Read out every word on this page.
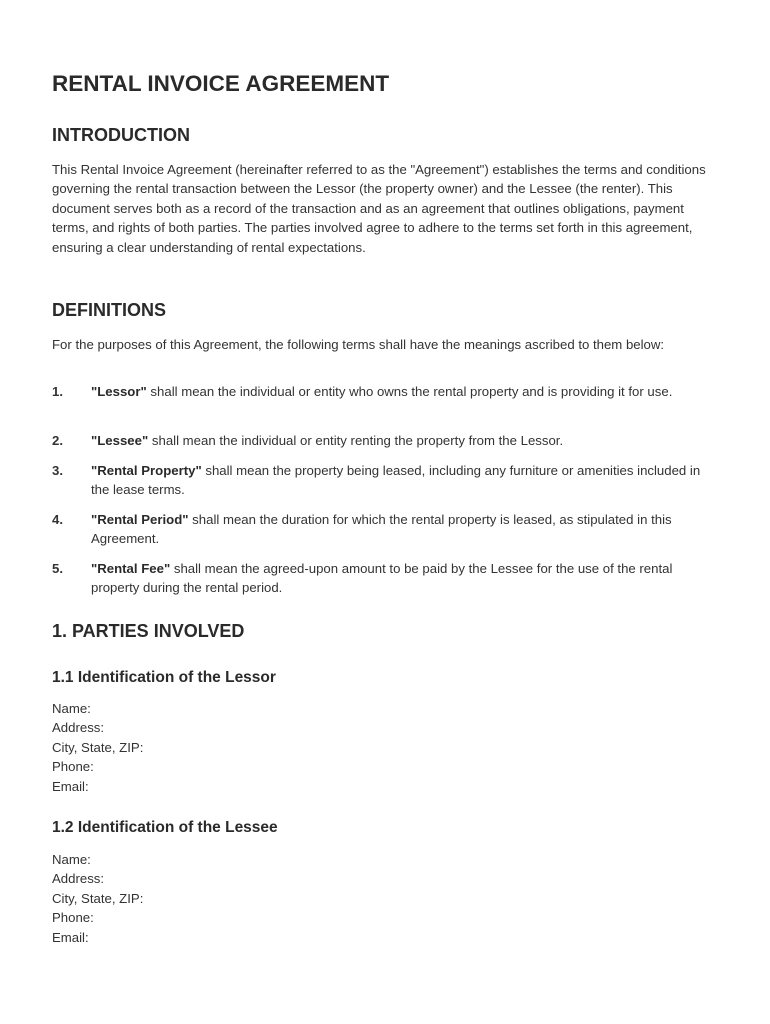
RENTAL INVOICE AGREEMENT
INTRODUCTION

This Rental Invoice Agreement (hereinafter referred to as the "Agreement") establishes the terms and conditions governing the rental transaction between the Lessor (the property owner) and the Lessee (the renter). This document serves both as a record of the transaction and as an agreement that outlines obligations, payment terms, and rights of both parties. The parties involved agree to adhere to the terms set forth in this agreement, ensuring a clear understanding of rental expectations.

DEFINITIONS

For the purposes of this Agreement, the following terms shall have the meanings ascribed to them below:

1. "Lessor" shall mean the individual or entity who owns the rental property and is providing it for use.
2. "Lessee" shall mean the individual or entity renting the property from the Lessor.
3. "Rental Property" shall mean the property being leased, including any furniture or amenities included in the lease terms.
4. "Rental Period" shall mean the duration for which the rental property is leased, as stipulated in this Agreement.
5. "Rental Fee" shall mean the agreed-upon amount to be paid by the Lessee for the use of the rental property during the rental period.
1. PARTIES INVOLVED
1.1 Identification of the Lessor
Name:
Address:
City, State, ZIP:
Phone:
Email:
1.2 Identification of the Lessee
Name:
Address:
City, State, ZIP:
Phone:
Email:
